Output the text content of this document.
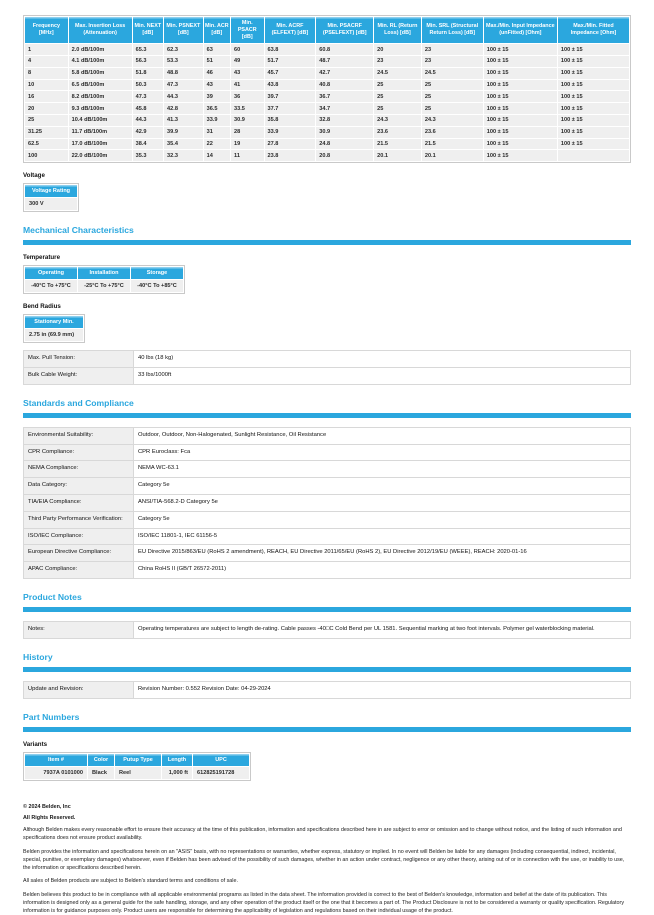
Frequency [MHz]	Max. Insertion Loss (Attenuation)	Min. NEXT [dB]	Min. PSNEXT [dB]	Min. ACR [dB]	Min. PSACR [dB]	Min. ACRF (ELFEXT) [dB]	Min. PSACRF (PSELFEXT) [dB]	Min. RL (Return Loss) [dB]	Min. SRL (Structural Return Loss) [dB]	Max./Min. Input Impedance (unFitted) [Ohm]	Max./Min. Fitted Impedance [Ohm]
1	2.0 dB/100m	65.3	62.3	63	60	63.8	60.8	20	23	100 ± 15	100 ± 15
4	4.1 dB/100m	56.3	53.3	51	49	51.7	48.7	23	23	100 ± 15	100 ± 15
8	5.8 dB/100m	51.8	48.8	46	43	45.7	42.7	24.5	24.5	100 ± 15	100 ± 15
10	6.5 dB/100m	50.3	47.3	43	41	43.8	40.8	25	25	100 ± 15	100 ± 15
16	8.2 dB/100m	47.3	44.3	39	36	39.7	36.7	25	25	100 ± 15	100 ± 15
20	9.3 dB/100m	45.8	42.8	36.5	33.5	37.7	34.7	25	25	100 ± 15	100 ± 15
25	10.4 dB/100m	44.3	41.3	33.9	30.9	35.8	32.8	24.3	24.3	100 ± 15	100 ± 15
31.25	11.7 dB/100m	42.9	39.9	31	28	33.9	30.9	23.6	23.6	100 ± 15	100 ± 15
62.5	17.0 dB/100m	38.4	35.4	22	19	27.8	24.8	21.5	21.5	100 ± 15	100 ± 15
100	22.0 dB/100m	35.3	32.3	14	11	23.8	20.8	20.1	20.1	100 ± 15	
Voltage
Voltage Rating
300 V
Mechanical Characteristics
Temperature
Operating	Installation	Storage
-40°C To +75°C	-25°C To +75°C	-40°C To +85°C
Bend Radius
Stationary Min.
2.75 in (69.9 mm)
Max. Pull Tension:	40 lbs (18 kg)
Bulk Cable Weight:	33 lbs/1000ft
Standards and Compliance
Environmental Suitability:	Outdoor, Outdoor, Non-Halogenated, Sunlight Resistance, Oil Resistance
CPR Compliance:	CPR Euroclass: Fca
NEMA Compliance:	NEMA WC-63.1
Data Category:	Category 5e
TIA/EIA Compliance:	ANSI/TIA-568.2-D Category 5e
Third Party Performance Verification:	Category 5e
ISO/IEC Compliance:	ISO/IEC 11801-1, IEC 61156-5
European Directive Compliance:	EU Directive 2015/863/EU (RoHS 2 amendment), REACH, EU Directive 2011/65/EU (RoHS 2), EU Directive 2012/19/EU (WEEE), REACH: 2020-01-16
APAC Compliance:	China RoHS II (GB/T 26572-2011)
Product Notes
Notes:	Operating temperatures are subject to length de-rating. Cable passes -40□C Cold Bend per UL 1581. Sequential marking at two foot intervals. Polymer gel waterblocking material.
History
Update and Revision:	Revision Number: 0.552 Revision Date: 04-29-2024
Part Numbers
Variants
Item #	Color	Putup Type	Length	UPC
7937A 0101000	Black	Reel	1,000 ft	612825191728

© 2024 Belden, Inc

All Rights Reserved.

Although Belden makes every reasonable effort to ensure their accuracy at the time of this publication, information and specifications described here in are subject to error or omission and to change without notice, and the listing of such information and specifications does not ensure product availability.

Belden provides the information and specifications herein on an "ASIS" basis, with no representations or warranties, whether express, statutory or implied. In no event will Belden be liable for any damages (including consequential, indirect, incidental, special, punitive, or exemplary damages) whatsoever, even if Belden has been advised of the possibility of such damages, whether in an action under contract, negligence or any other theory, arising out of or in connection with the use, or inability to use, the information or specifications described herein.

All sales of Belden products are subject to Belden's standard terms and conditions of sale.

Belden believes this product to be in compliance with all applicable environmental programs as listed in the data sheet. The information provided is correct to the best of Belden's knowledge, information and belief at the date of its publication. This information is designed only as a general guide for the safe handling, storage, and any other operation of the product itself or the one that it becomes a part of. The Product Disclosure is not to be considered a warranty or quality specification. Regulatory information is for guidance purposes only. Product users are responsible for determining the applicability of legislation and regulations based on their individual usage of the product.
